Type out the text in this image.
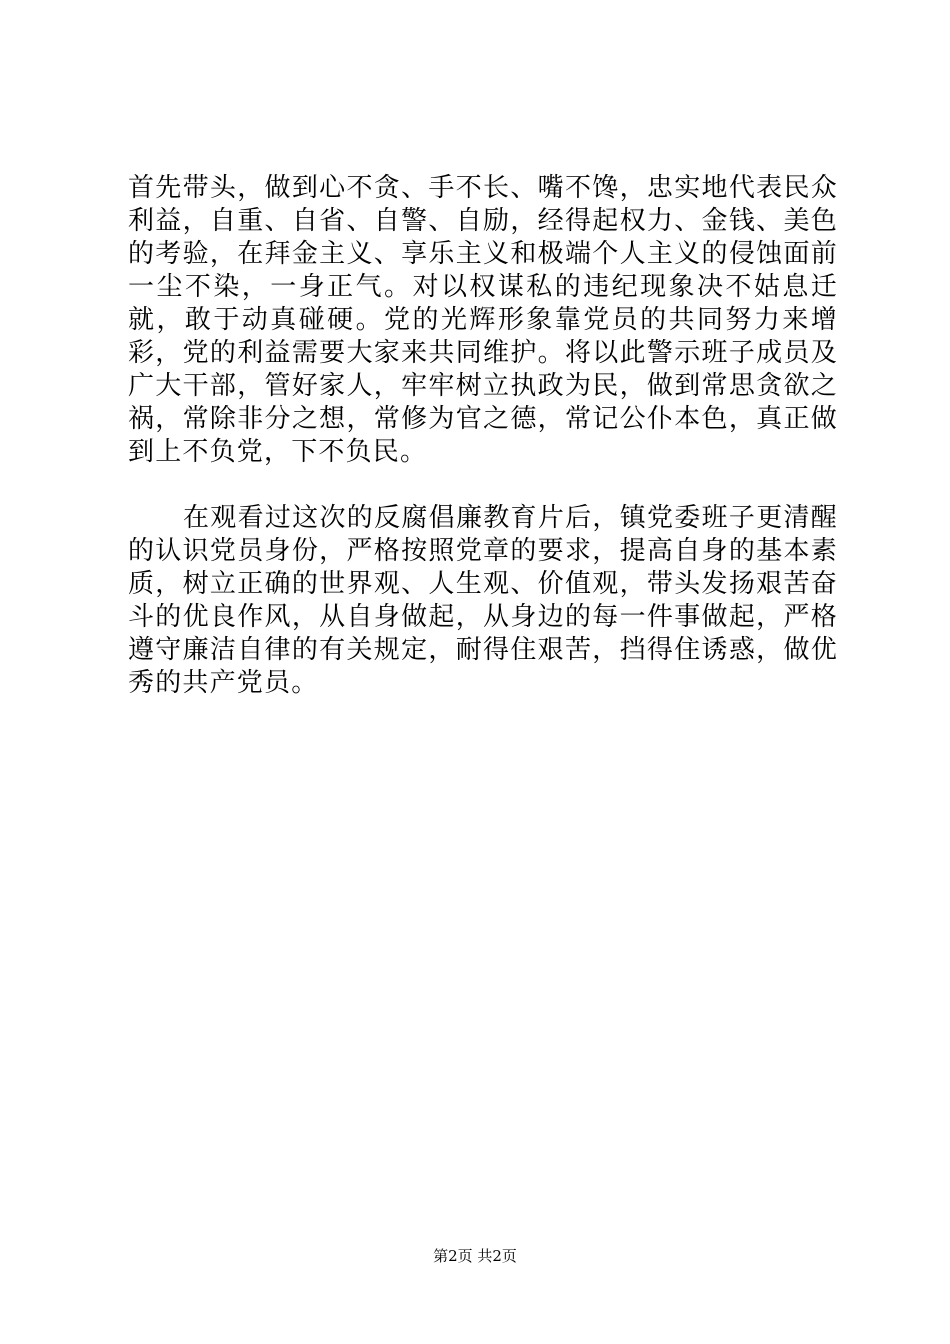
首先带头，做到心不贪、手不长、嘴不馋，忠实地代表民众利益，自重、自省、自警、自励，经得起权力、金钱、美色的考验，在拜金主义、享乐主义和极端个人主义的侵蚀面前一尘不染，一身正气。对以权谋私的违纪现象决不姑息迁就，敢于动真碰硬。党的光辉形象靠党员的共同努力来增彩，党的利益需要大家来共同维护。将以此警示班子成员及广大干部，管好家人，牢牢树立执政为民，做到常思贪欲之祸，常除非分之想，常修为官之德，常记公仆本色，真正做到上不负党，下不负民。

在观看过这次的反腐倡廉教育片后，镇党委班子更清醒的认识党员身份，严格按照党章的要求，提高自身的基本素质，树立正确的世界观、人生观、价值观，带头发扬艰苦奋斗的优良作风，从自身做起，从身边的每一件事做起，严格遵守廉洁自律的有关规定，耐得住艰苦，挡得住诱惑，做优秀的共产党员。

第2页 共2页
